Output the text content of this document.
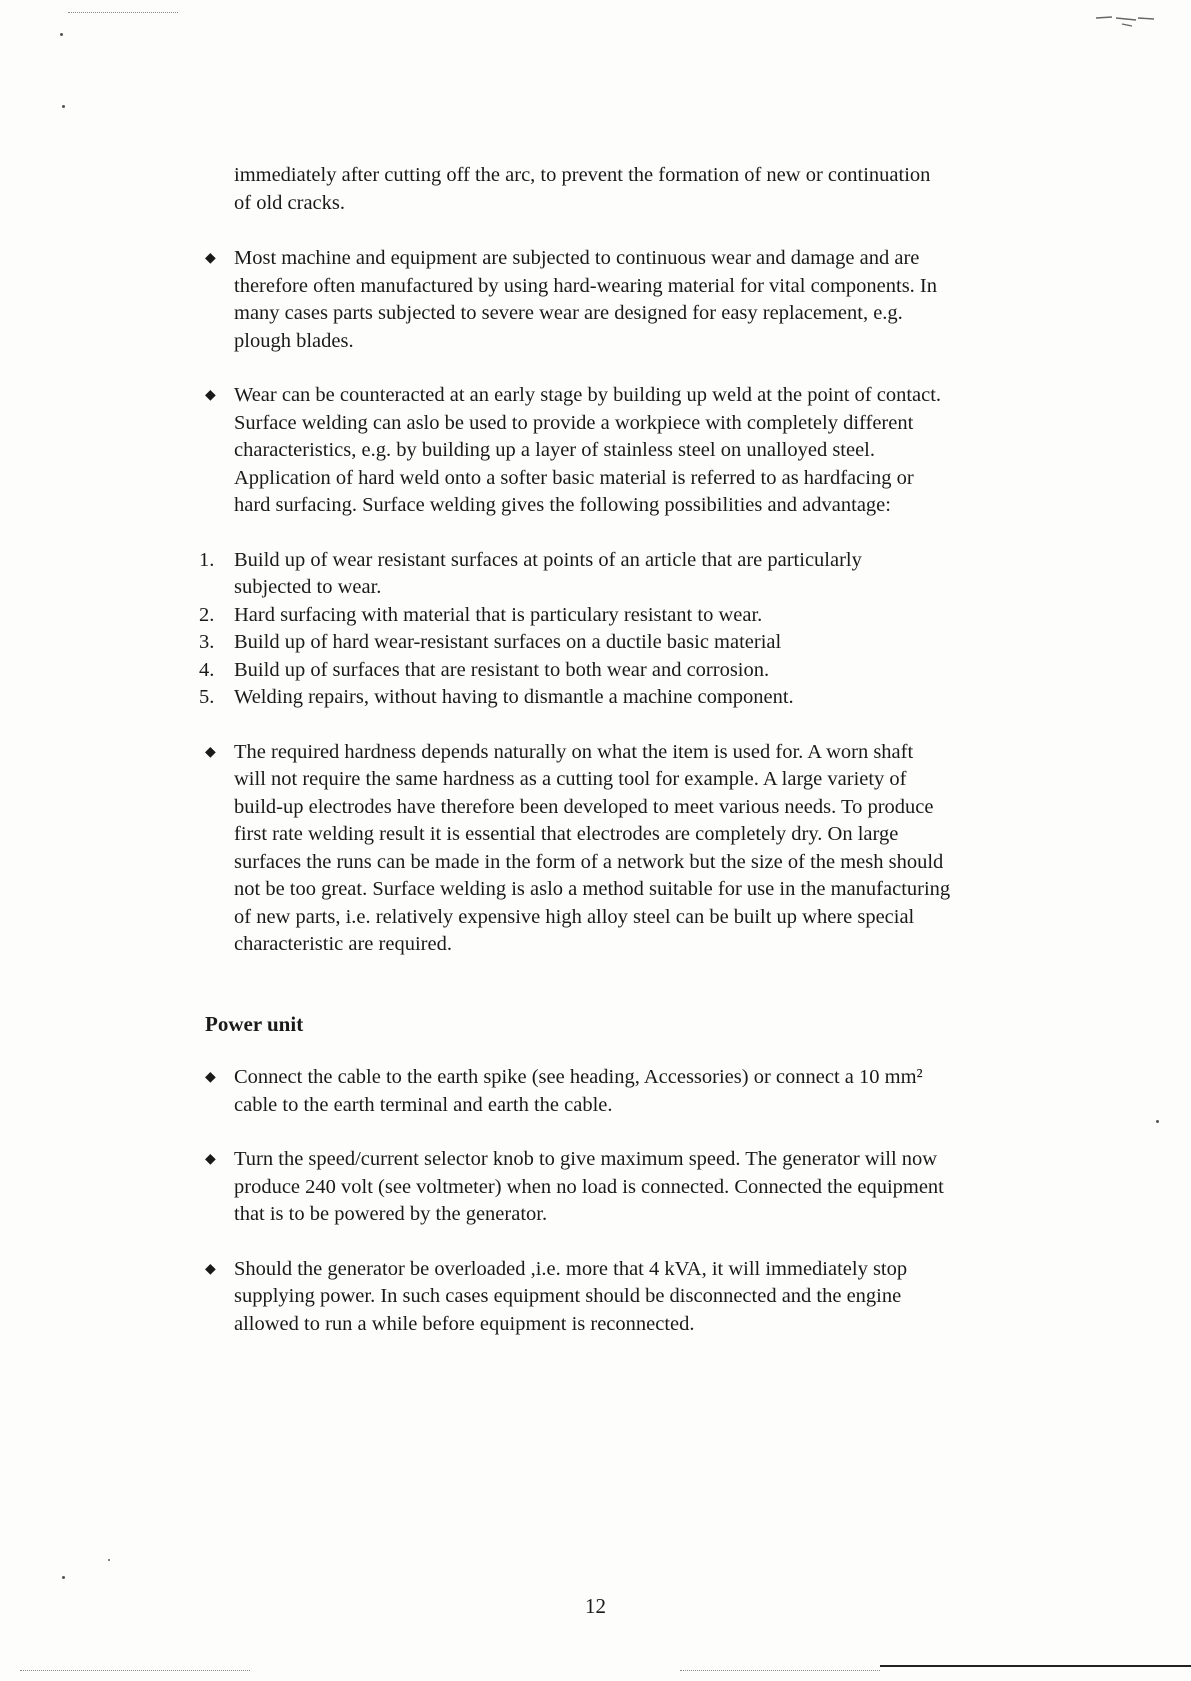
immediately after cutting off the arc, to prevent the formation of new or continuation
of old cracks.

◆ Most machine and equipment are subjected to continuous wear and damage and are
therefore often manufactured by using hard-wearing material for vital components. In
many cases parts subjected to severe wear are designed for easy replacement, e.g.
plough blades.
◆ Wear can be counteracted at an early stage by building up weld at the point of contact.
Surface welding can aslo be used to provide a workpiece with completely different
characteristics, e.g. by building up a layer of stainless steel on unalloyed steel.
Application of hard weld onto a softer basic material is referred to as hardfacing or
hard surfacing. Surface welding gives the following possibilities and advantage:
1. Build up of wear resistant surfaces at points of an article that are particularly
subjected to wear.
2. Hard surfacing with material that is particulary resistant to wear.
3. Build up of hard wear-resistant surfaces on a ductile basic material
4. Build up of surfaces that are resistant to both wear and corrosion.
5. Welding repairs, without having to dismantle a machine component.
◆ The required hardness depends naturally on what the item is used for. A worn shaft
will not require the same hardness as a cutting tool for example. A large variety of
build-up electrodes have therefore been developed to meet various needs. To produce
first rate welding result it is essential that electrodes are completely dry. On large
surfaces the runs can be made in the form of a network but the size of the mesh should
not be too great. Surface welding is aslo a method suitable for use in the manufacturing
of new parts, i.e. relatively expensive high alloy steel can be built up where special
characteristic are required.
Power unit
◆ Connect the cable to the earth spike (see heading, Accessories) or connect a 10 mm²
cable to the earth terminal and earth the cable.
◆ Turn the speed/current selector knob to give maximum speed. The generator will now
produce 240 volt (see voltmeter) when no load is connected. Connected the equipment
that is to be powered by the generator.
◆ Should the generator be overloaded ,i.e. more that 4 kVA, it will immediately stop
supplying power. In such cases equipment should be disconnected and the engine
allowed to run a while before equipment is reconnected.
12
